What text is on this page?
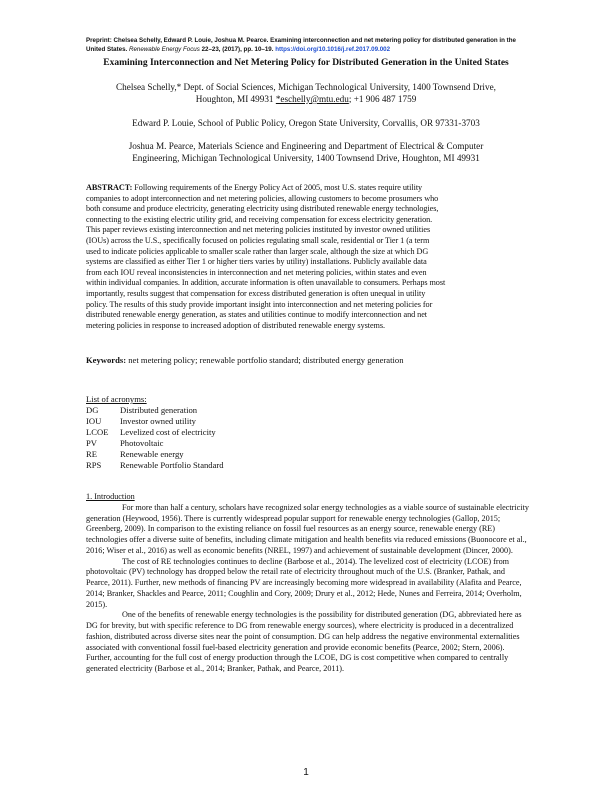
Preprint: Chelsea Schelly, Edward P. Louie, Joshua M. Pearce. Examining interconnection and net metering policy for distributed generation in the United States. Renewable Energy Focus 22–23, (2017), pp. 10–19. https://doi.org/10.1016/j.ref.2017.09.002
Examining Interconnection and Net Metering Policy for Distributed Generation in the United States
Chelsea Schelly,* Dept. of Social Sciences, Michigan Technological University, 1400 Townsend Drive,
Houghton, MI 49931 *eschelly@mtu.edu; +1 906 487 1759
Edward P. Louie, School of Public Policy, Oregon State University, Corvallis, OR 97331-3703
Joshua M. Pearce, Materials Science and Engineering and Department of Electrical & Computer
Engineering, Michigan Technological University, 1400 Townsend Drive, Houghton, MI 49931
ABSTRACT: Following requirements of the Energy Policy Act of 2005, most U.S. states require utility
companies to adopt interconnection and net metering policies, allowing customers to become prosumers who
both consume and produce electricity, generating electricity using distributed renewable energy technologies,
connecting to the existing electric utility grid, and receiving compensation for excess electricity generation.
This paper reviews existing interconnection and net metering policies instituted by investor owned utilities
(IOUs) across the U.S., specifically focused on policies regulating small scale, residential or Tier 1 (a term
used to indicate policies applicable to smaller scale rather than larger scale, although the size at which DG
systems are classified as either Tier 1 or higher tiers varies by utility) installations. Publicly available data
from each IOU reveal inconsistencies in interconnection and net metering policies, within states and even
within individual companies. In addition, accurate information is often unavailable to consumers. Perhaps most
importantly, results suggest that compensation for excess distributed generation is often unequal in utility
policy. The results of this study provide important insight into interconnection and net metering policies for
distributed renewable energy generation, as states and utilities continue to modify interconnection and net
metering policies in response to increased adoption of distributed renewable energy systems.
Keywords: net metering policy; renewable portfolio standard; distributed energy generation
List of acronyms:
DG	Distributed generation
IOU	Investor owned utility
LCOE	Levelized cost of electricity
PV	Photovoltaic
RE	Renewable energy
RPS	Renewable Portfolio Standard
1. Introduction

For more than half a century, scholars have recognized solar energy technologies as a viable source of sustainable electricity generation (Heywood, 1956). There is currently widespread popular support for renewable energy technologies (Gallop, 2015; Greenberg, 2009). In comparison to the existing reliance on fossil fuel resources as an energy source, renewable energy (RE) technologies offer a diverse suite of benefits, including climate mitigation and health benefits via reduced emissions (Buonocore et al., 2016; Wiser et al., 2016) as well as economic benefits (NREL, 1997) and achievement of sustainable development (Dincer, 2000).

The cost of RE technologies continues to decline (Barbose et al., 2014). The levelized cost of electricity (LCOE) from photovoltaic (PV) technology has dropped below the retail rate of electricity throughout much of the U.S. (Branker, Pathak, and Pearce, 2011). Further, new methods of financing PV are increasingly becoming more widespread in availability (Alafita and Pearce, 2014; Branker, Shackles and Pearce, 2011; Coughlin and Cory, 2009; Drury et al., 2012; Hede, Nunes and Ferreira, 2014; Overholm, 2015).

One of the benefits of renewable energy technologies is the possibility for distributed generation (DG, abbreviated here as DG for brevity, but with specific reference to DG from renewable energy sources), where electricity is produced in a decentralized fashion, distributed across diverse sites near the point of consumption. DG can help address the negative environmental externalities associated with conventional fossil fuel-based electricity generation and provide economic benefits (Pearce, 2002; Stern, 2006). Further, accounting for the full cost of energy production through the LCOE, DG is cost competitive when compared to centrally generated electricity (Barbose et al., 2014; Branker, Pathak, and Pearce, 2011).

1
